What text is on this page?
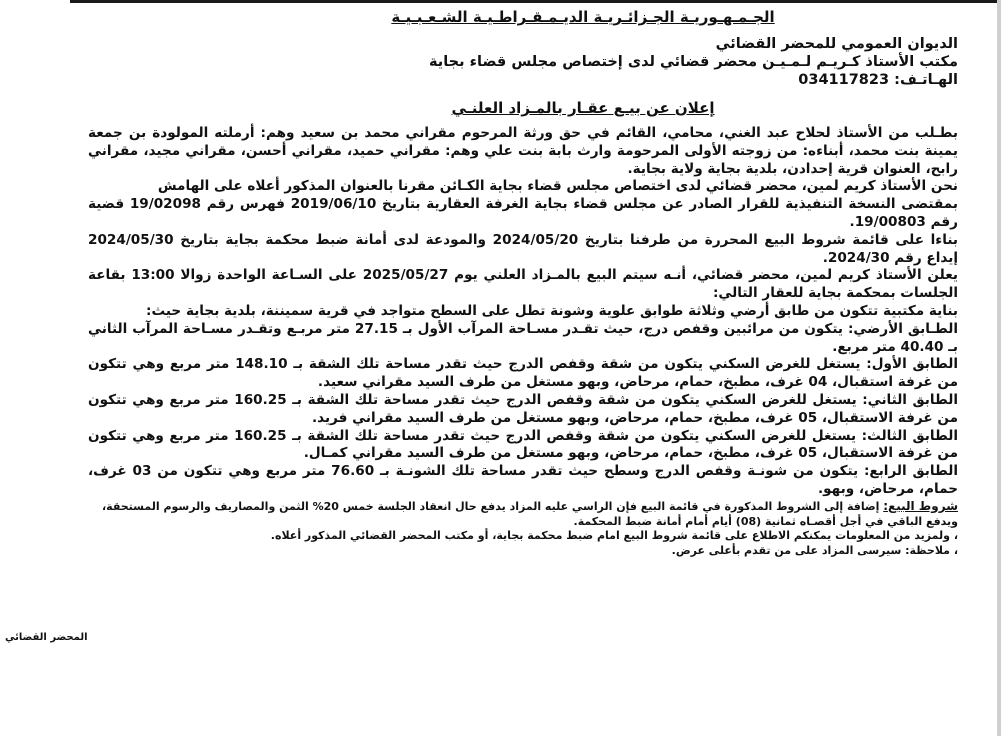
الجـمـهـوريـة الجـزائـريـة الديـمـقـراطـيـة الشـعـبـيـة
الديوان العمومي للمحضر القضائي
مكتب الأستاذ كـريـم لـمـيـن محضر قضائي لدى إختصاص مجلس قضاء بجاية
الهـاتـف: 034117823
إعلان عن بيـع عقـار بالمـزاد العلنـي

بطـلب من الأستاذ لحلاح عبد الغني، محامي، القائم في حق ورثة المرحوم مقراني محمد بن سعيد وهم: أرملته المولودة بن جمعة يمينة بنت محمد، أبناءه: من زوجته الأولى المرحومة وارث بابة بنت علي وهم: مقراني حميد، مقراني أحسن، مقراني مجيد، مقراني رابح، العنوان قرية إحدادن، بلدية بجاية ولاية بجاية.

نحن الأستاذ كريم لمين، محضر قضائي لدى اختصاص مجلس قضاء بجاية الكـائن مقرنا بالعنوان المذكور أعلاه على الهامش

بمقتضى النسخة التنفيذية للقرار الصادر عن مجلس قضاء بجاية الغرفة العقارية بتاريخ 2019/06/10 فهرس رقم 19/02098 قضية رقم 19/00803.

بناءا على قائمة شروط البيع المحررة من طرفنا بتاريخ 2024/05/20 والمودعة لدى أمانة ضبط محكمة بجاية بتاريخ 2024/05/30 إيداع رقم 2024/30.

يعلن الأستاذ كريم لمين، محضر قضائي، أنـه سيتم البيع بالمـزاد العلني يوم 2025/05/27 على السـاعة الواحدة زوالا 13:00 بقاعة الجلسات بمحكمة بجاية للعقار التالي:

بناية مكتبية تتكون من طابق أرضي وثلاثة طوابق علوية وشونة تطل على السطح متواجد في قرية سميننة، بلدية بجاية حيث:

الطـابق الأرضي: يتكون من مرائبين وقفص درج، حيث تقـدر مسـاحة المرآب الأول بـ 27.15 متر مربـع وتقـدر مسـاحة المرآب الثاني بـ 40.40 متر مربع.

الطابق الأول: يستغل للغرض السكني يتكون من شقة وقفص الدرج حيث تقدر مساحة تلك الشقة بـ 148.10 متر مربع وهي تتكون من غرفة استقبال، 04 غرف، مطبخ، حمام، مرحاض، وبهو مستغل من طرف السيد مقراني سعيد.

الطابق الثاني: يستغل للغرض السكني يتكون من شقة وقفص الدرج حيث تقدر مساحة تلك الشقة بـ 160.25 متر مربع وهي تتكون من غرفة الاستقبال، 05 غرف، مطبخ، حمام، مرحاض، وبهو مستغل من طرف السيد مقراني فريد.

الطابق الثالث: يستغل للغرض السكني يتكون من شقة وقفص الدرج حيث تقدر مساحة تلك الشقة بـ 160.25 متر مربع وهي تتكون من غرفة الاستقبال، 05 غرف، مطبخ، حمام، مرحاض، وبهو مستغل من طرف السيد مقراني كمـال.

الطابق الرابع: يتكون من شونـة وقفص الدرج وسطح حيث تقدر مساحة تلك الشونـة بـ 76.60 متر مربع وهي تتكون من 03 غرف، حمام، مرحاض، وبهو.

شروط البيع: إضافة إلى الشروط المذكورة في قائمة البيع فإن الراسي عليه المزاد يدفع حال انعقاد الجلسة خمس 20% الثمن والمصاريف والرسوم المستحقة، ويدفع الباقي في أجل أقصـاه ثمانية (08) أيام أمام أمانة ضبط المحكمة.

، ولمزيد من المعلومات يمكنكم الاطلاع على قائمة شروط البيع امام ضبط محكمة بجاية، أو مكتب المحضر القضائي المذكور أعلاه.

، ملاحظة: سيرسى المزاد على من تقدم بأعلى عرض.

المحضر القضائي
